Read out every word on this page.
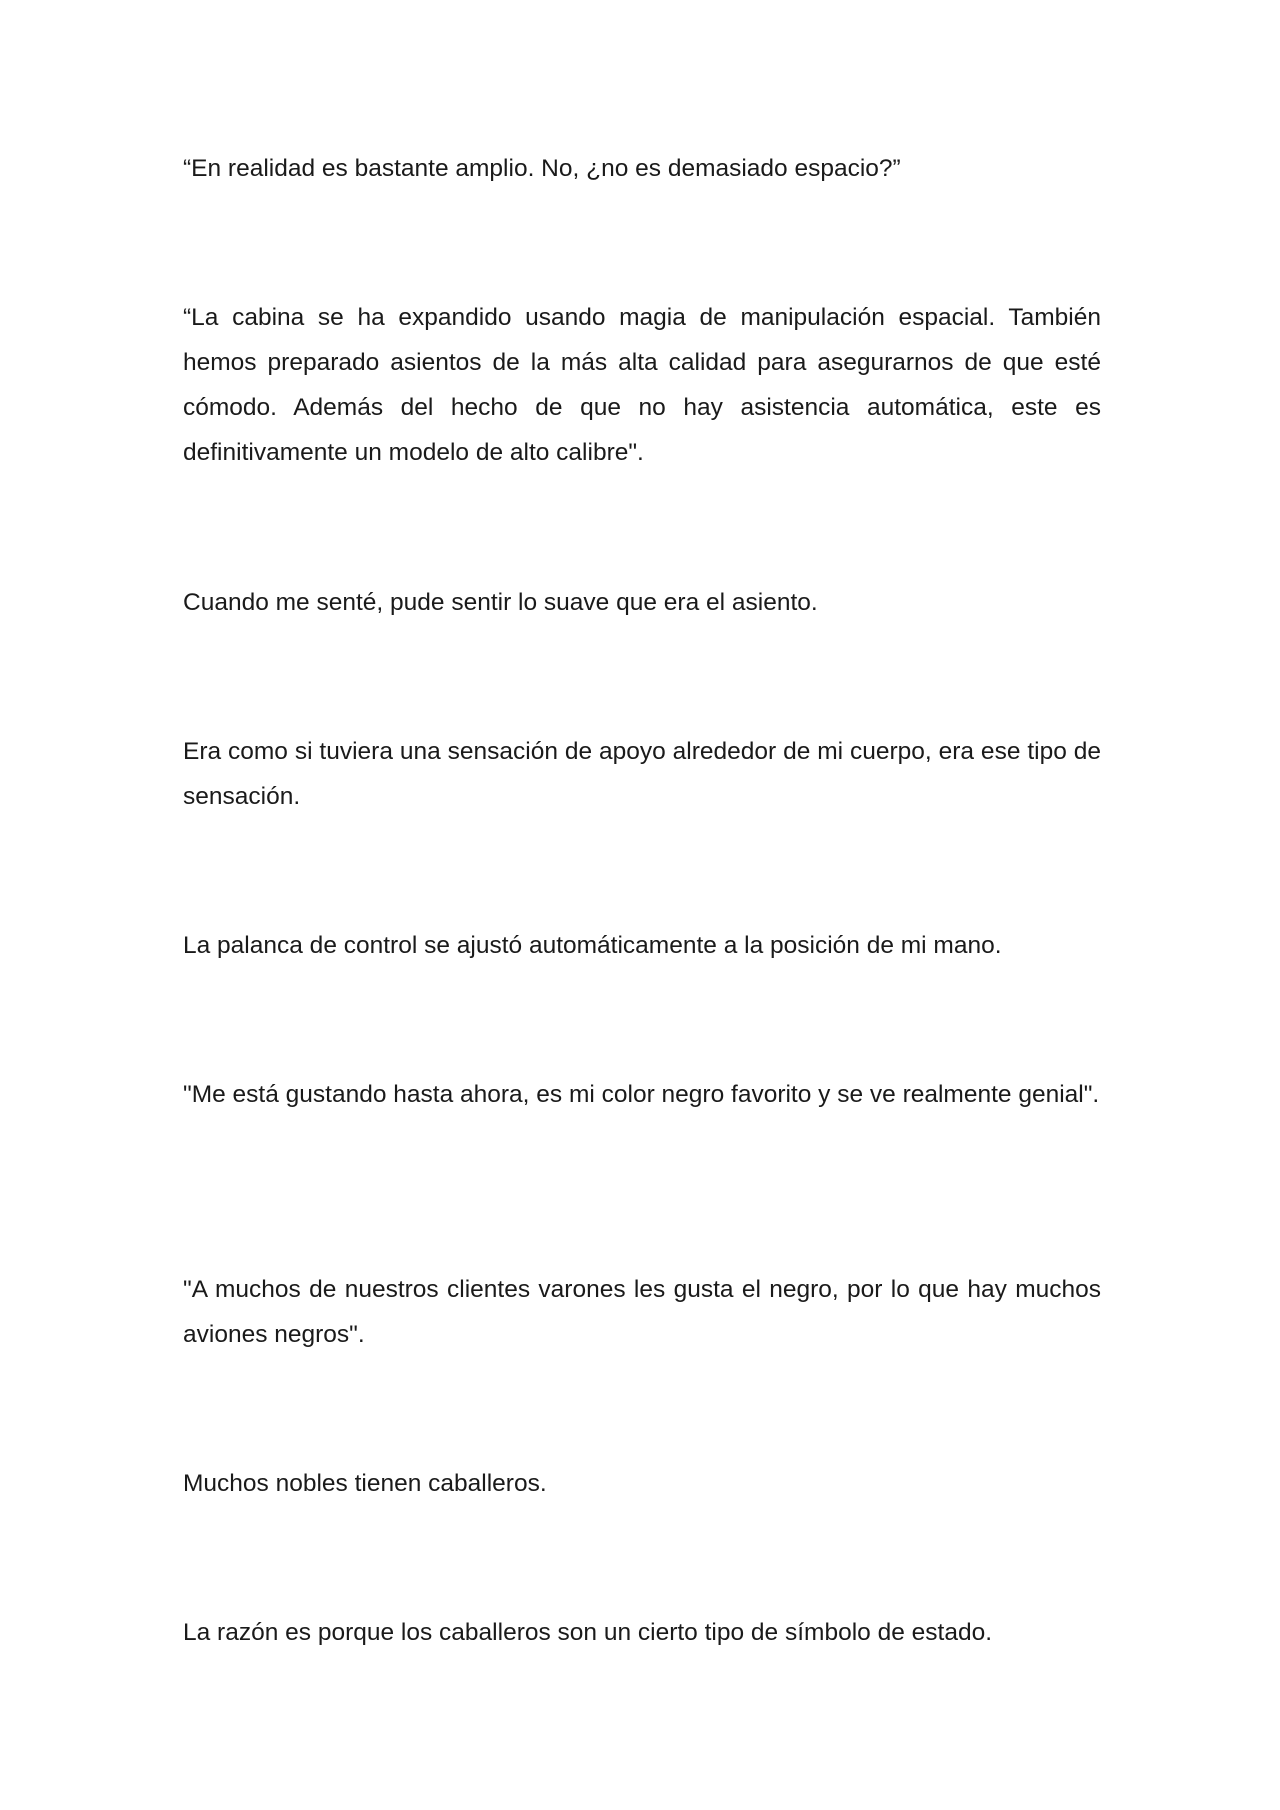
“En realidad es bastante amplio. No, ¿no es demasiado espacio?”

“La cabina se ha expandido usando magia de manipulación espacial. También hemos preparado asientos de la más alta calidad para asegurarnos de que esté cómodo. Además del hecho de que no hay asistencia automática, este es definitivamente un modelo de alto calibre".

Cuando me senté, pude sentir lo suave que era el asiento.

Era como si tuviera una sensación de apoyo alrededor de mi cuerpo, era ese tipo de sensación.

La palanca de control se ajustó automáticamente a la posición de mi mano.

"Me está gustando hasta ahora, es mi color negro favorito y se ve realmente genial".

"A muchos de nuestros clientes varones les gusta el negro, por lo que hay muchos aviones negros".

Muchos nobles tienen caballeros.

La razón es porque los caballeros son un cierto tipo de símbolo de estado.
